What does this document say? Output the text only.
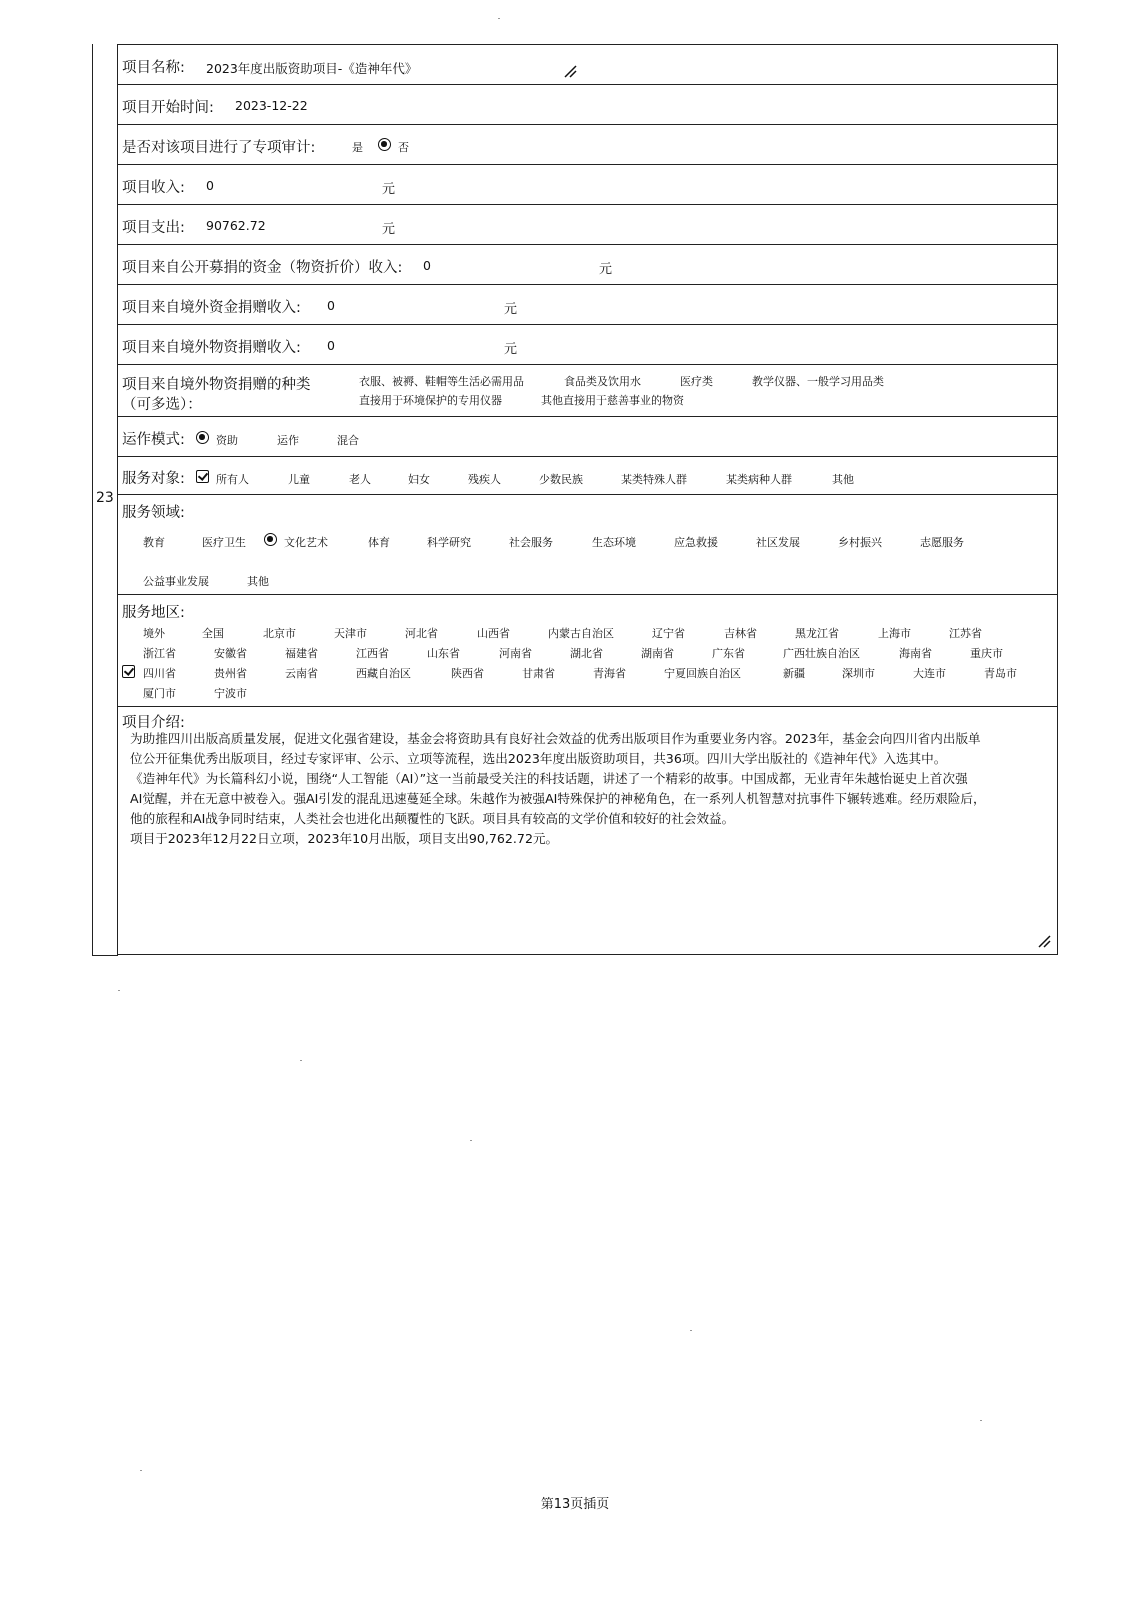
23
项目名称: 2023年度出版资助项目-《造神年代》
项目开始时间: 2023-12-22
是否对该项目进行了专项审计:	是	否
项目收入: 0	元
项目支出: 90762.72	元
项目来自公开募捐的资金（物资折价）收入: 0	元
项目来自境外资金捐赠收入: 0	元
项目来自境外物资捐赠收入: 0	元
项目来自境外物资捐赠的种类
（可多选）：
衣服、被褥、鞋帽等生活必需用品	食品类及饮用水	医疗类	教学仪器、一般学习用品类
直接用于环境保护的专用仪器	其他直接用于慈善事业的物资
运作模式:	资助	运作	混合
服务对象:	所有人	儿童	老人	妇女	残疾人	少数民族	某类特殊人群	某类病种人群	其他
服务领域:
教育	医疗卫生	文化艺术	体育	科学研究	社会服务	生态环境	应急救援	社区发展	乡村振兴	志愿服务
公益事业发展	其他
服务地区:
境外	全国	北京市	天津市	河北省	山西省	内蒙古自治区	辽宁省	吉林省	黑龙江省	上海市	江苏省
浙江省	安徽省	福建省	江西省	山东省	河南省	湖北省	湖南省	广东省	广西壮族自治区	海南省	重庆市
四川省	贵州省	云南省	西藏自治区	陕西省	甘肃省	青海省	宁夏回族自治区	新疆	深圳市	大连市	青岛市
厦门市	宁波市
项目介绍:

为助推四川出版高质量发展，促进文化强省建设，基金会将资助具有良好社会效益的优秀出版项目作为重要业务内容。2023年，基金会向四川省内出版单

位公开征集优秀出版项目，经过专家评审、公示、立项等流程，选出2023年度出版资助项目，共36项。四川大学出版社的《造神年代》入选其中。

《造神年代》为长篇科幻小说，围绕“人工智能（AI）”这一当前最受关注的科技话题，讲述了一个精彩的故事。中国成都，无业青年朱越怡诞史上首次强

AI觉醒，并在无意中被卷入。强AI引发的混乱迅速蔓延全球。朱越作为被强AI特殊保护的神秘角色，在一系列人机智慧对抗事件下辗转逃难。经历艰险后，

他的旅程和AI战争同时结束，人类社会也进化出颠覆性的飞跃。项目具有较高的文学价值和较好的社会效益。

项目于2023年12月22日立项，2023年10月出版，项目支出90,762.72元。

第13页插页
